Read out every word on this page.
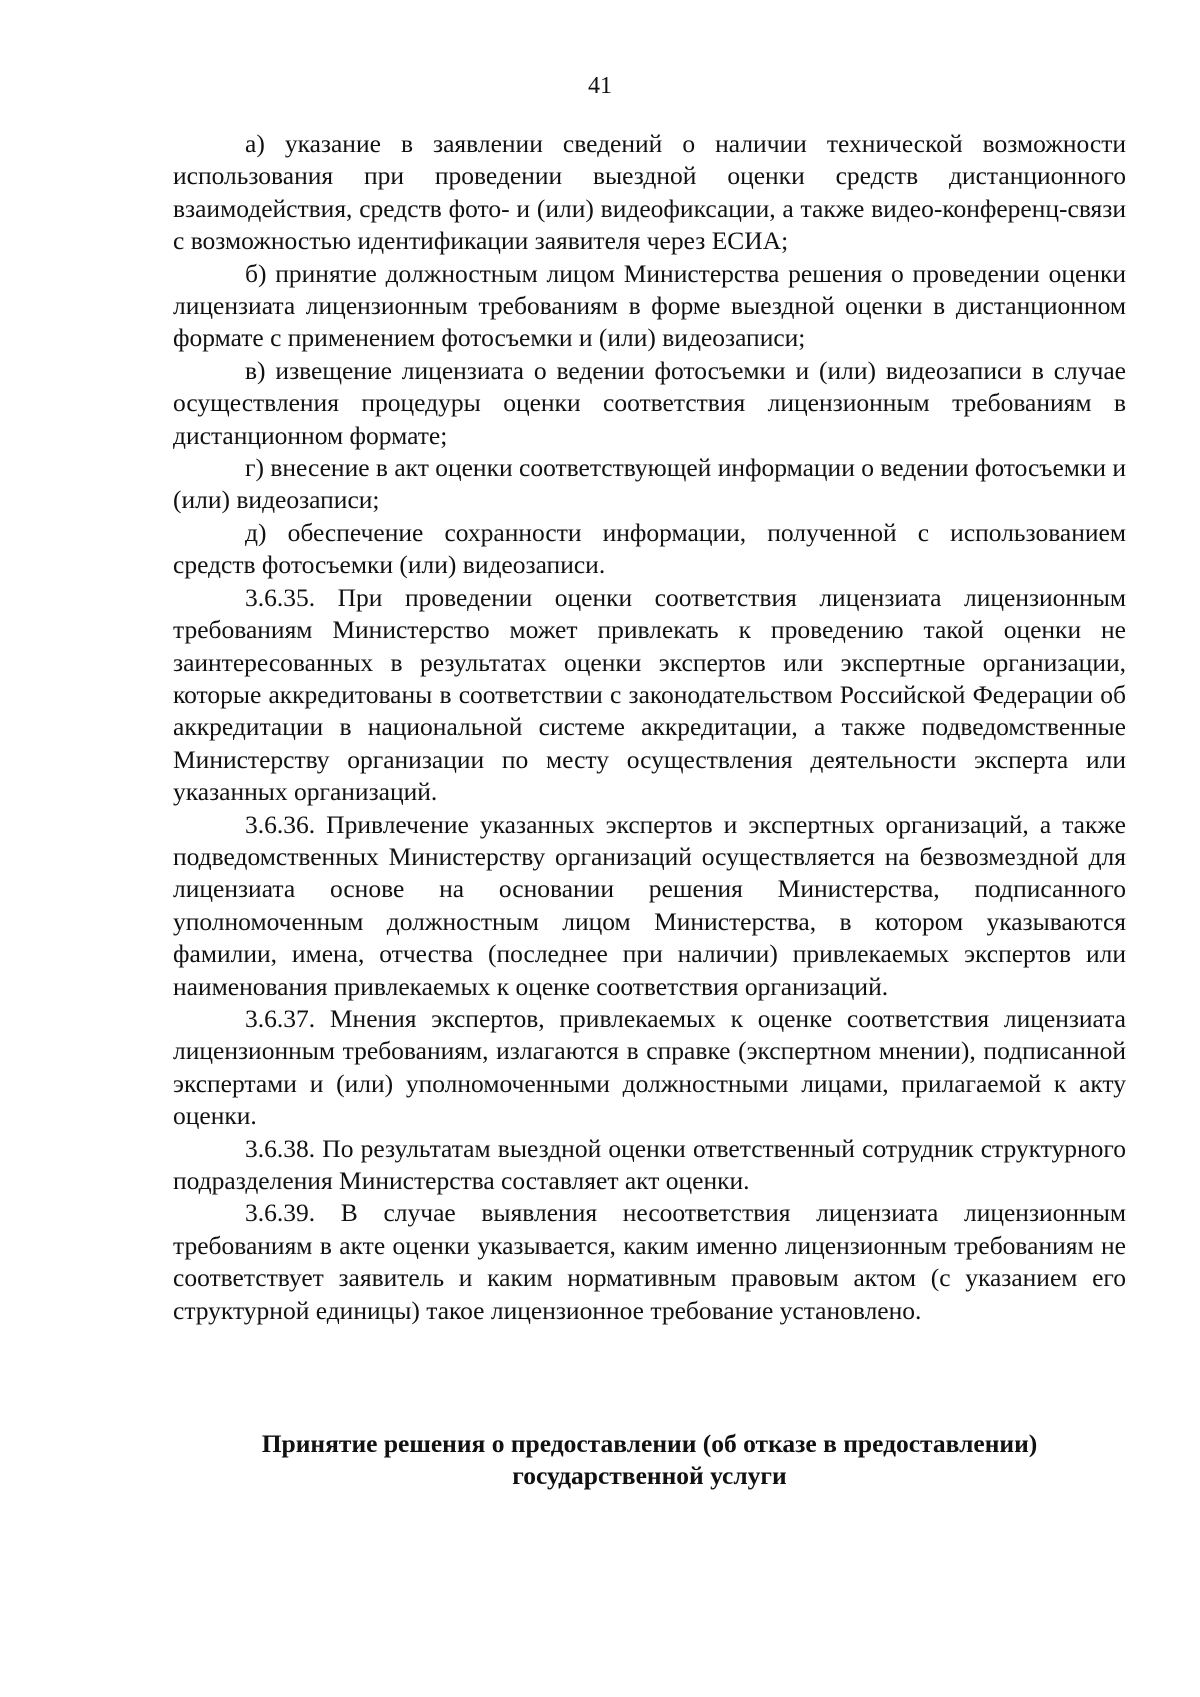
41

а) указание в заявлении сведений о наличии технической возможности использования при проведении выездной оценки средств дистанционного взаимодействия, средств фото- и (или) видеофиксации, а также видео-конференц-связи с возможностью идентификации заявителя через ЕСИА;

б) принятие должностным лицом Министерства решения о проведении оценки лицензиата лицензионным требованиям в форме выездной оценки в дистанционном формате с применением фотосъемки и (или) видеозаписи;

в) извещение лицензиата о ведении фотосъемки и (или) видеозаписи в случае осуществления процедуры оценки соответствия лицензионным требованиям в дистанционном формате;

г) внесение в акт оценки соответствующей информации о ведении фотосъемки и (или) видеозаписи;

д) обеспечение сохранности информации, полученной с использованием средств фотосъемки (или) видеозаписи.

3.6.35. При проведении оценки соответствия лицензиата лицензионным требованиям Министерство может привлекать к проведению такой оценки не заинтересованных в результатах оценки экспертов или экспертные организации, которые аккредитованы в соответствии с законодательством Российской Федерации об аккредитации в национальной системе аккредитации, а также подведомственные Министерству организации по месту осуществления деятельности эксперта или указанных организаций.

3.6.36. Привлечение указанных экспертов и экспертных организаций, а также подведомственных Министерству организаций осуществляется на безвозмездной для лицензиата основе на основании решения Министерства, подписанного уполномоченным должностным лицом Министерства, в котором указываются фамилии, имена, отчества (последнее при наличии) привлекаемых экспертов или наименования привлекаемых к оценке соответствия организаций.

3.6.37. Мнения экспертов, привлекаемых к оценке соответствия лицензиата лицензионным требованиям, излагаются в справке (экспертном мнении), подписанной экспертами и (или) уполномоченными должностными лицами, прилагаемой к акту оценки.

3.6.38. По результатам выездной оценки ответственный сотрудник структурного подразделения Министерства составляет акт оценки.

3.6.39. В случае выявления несоответствия лицензиата лицензионным требованиям в акте оценки указывается, каким именно лицензионным требованиям не соответствует заявитель и каким нормативным правовым актом (с указанием его структурной единицы) такое лицензионное требование установлено.

Принятие решения о предоставлении (об отказе в предоставлении)
государственной услуги
